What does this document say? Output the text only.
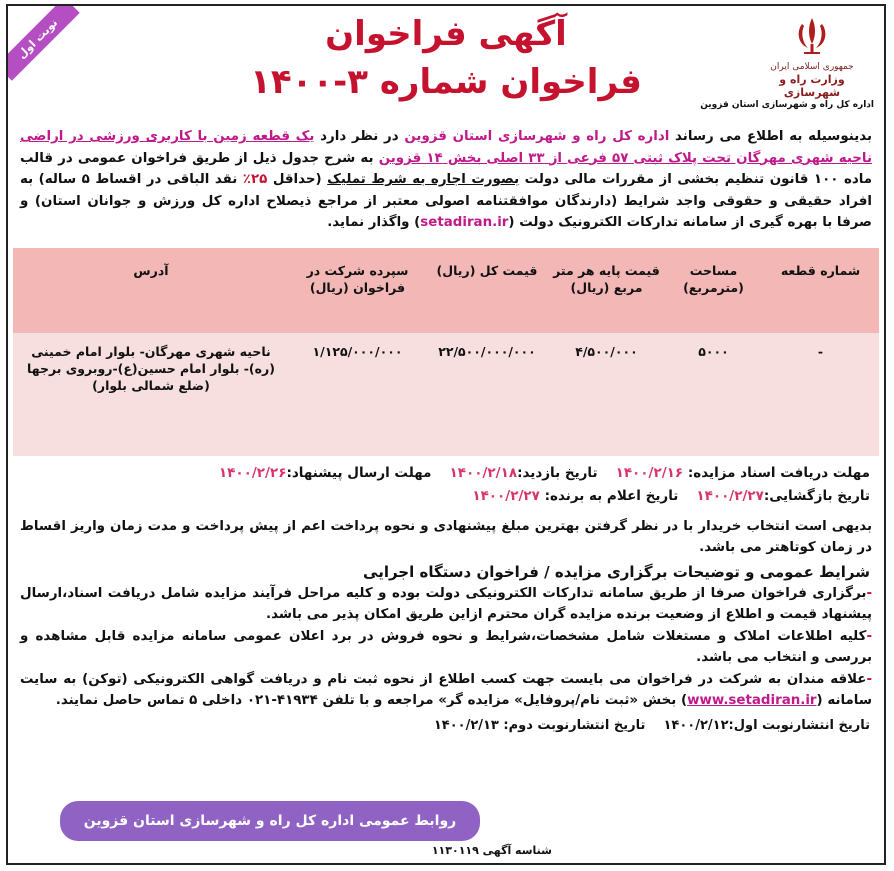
نوبت اول	آگهی فراخوان
فراخوان شماره ۳-۱۴۰۰	جمهوری اسلامی ایران
وزارت راه و شهرسازی
اداره کل راه و شهرسازی استان قزوین
بدینوسیله به اطلاع می رساند اداره کل راه و شهرسازی استان قزوین در نظر دارد یک قطعه زمین با کاربری ورزشی در اراضی ناحیه شهری مهرگان تحت پلاک ثبتی ۵۷ فرعی از ۳۳ اصلی بخش ۱۴ قزوین به شرح جدول ذیل از طریق فراخوان عمومی در قالب ماده ۱۰۰ قانون تنظیم بخشی از مقررات مالی دولت بصورت اجاره به شرط تملیک (حداقل ۲۵٪ نقد الباقی در اقساط ۵ ساله) به افراد حقیقی و حقوقی واجد شرایط (دارندگان موافقتنامه اصولی معتبر از مراجع ذیصلاح اداره کل ورزش و جوانان استان) و صرفا با بهره گیری از سامانه تدارکات الکترونیک دولت (setadiran.ir) واگذار نماید.
شماره قطعه	مساحت (مترمربع)	قیمت پایه هر متر مربع (ریال)	قیمت کل (ریال)	سپرده شرکت در فراخوان (ریال)	آدرس
-	۵۰۰۰	۴/۵۰۰/۰۰۰	۲۲/۵۰۰/۰۰۰/۰۰۰	۱/۱۲۵/۰۰۰/۰۰۰	ناحیه شهری مهرگان- بلوار امام خمینی (ره)- بلوار امام حسین(ع)-روبروی برجها (ضلع شمالی بلوار)
مهلت دریافت اسناد مزایده: ۱۴۰۰/۲/۱۶
تاریخ بازدید:۱۴۰۰/۲/۱۸
مهلت ارسال پیشنهاد:۱۴۰۰/۲/۲۶
تاریخ بازگشایی:۱۴۰۰/۲/۲۷
تاریخ اعلام به برنده: ۱۴۰۰/۲/۲۷
بدیهی است انتخاب خریدار با در نظر گرفتن بهترین مبلغ پیشنهادی و نحوه پرداخت اعم از پیش پرداخت و مدت زمان واریز اقساط در زمان کوتاهتر می باشد.
شرایط عمومی و توضیحات برگزاری مزایده / فراخوان دستگاه اجرایی
-برگزاری فراخوان صرفا از طریق سامانه تدارکات الکترونیکی دولت بوده و کلیه مراحل فرآیند مزایده شامل دریافت اسناد،ارسال پیشنهاد قیمت و اطلاع از وضعیت برنده مزایده گران محترم ازاین طریق امکان پذیر می باشد.
-کلیه اطلاعات املاک و مستغلات شامل مشخصات،شرایط و نحوه فروش در برد اعلان عمومی سامانه مزایده قابل مشاهده و بررسی و انتخاب می باشد.
-علاقه مندان به شرکت در فراخوان می بایست جهت کسب اطلاع از نحوه ثبت نام و دریافت گواهی الکترونیکی (توکن) به سایت سامانه (www.setadiran.ir) بخش «ثبت نام/پروفایل» مزایده گر» مراجعه و با تلفن ۴۱۹۳۴-۰۲۱ داخلی ۵ تماس حاصل نمایند.
تاریخ انتشارنوبت اول:۱۴۰۰/۲/۱۲    تاریخ انتشارنوبت دوم: ۱۴۰۰/۲/۱۳
روابط عمومی اداره کل راه و شهرسازی استان قزوین
شناسه آگهی ۱۱۳۰۱۱۹
